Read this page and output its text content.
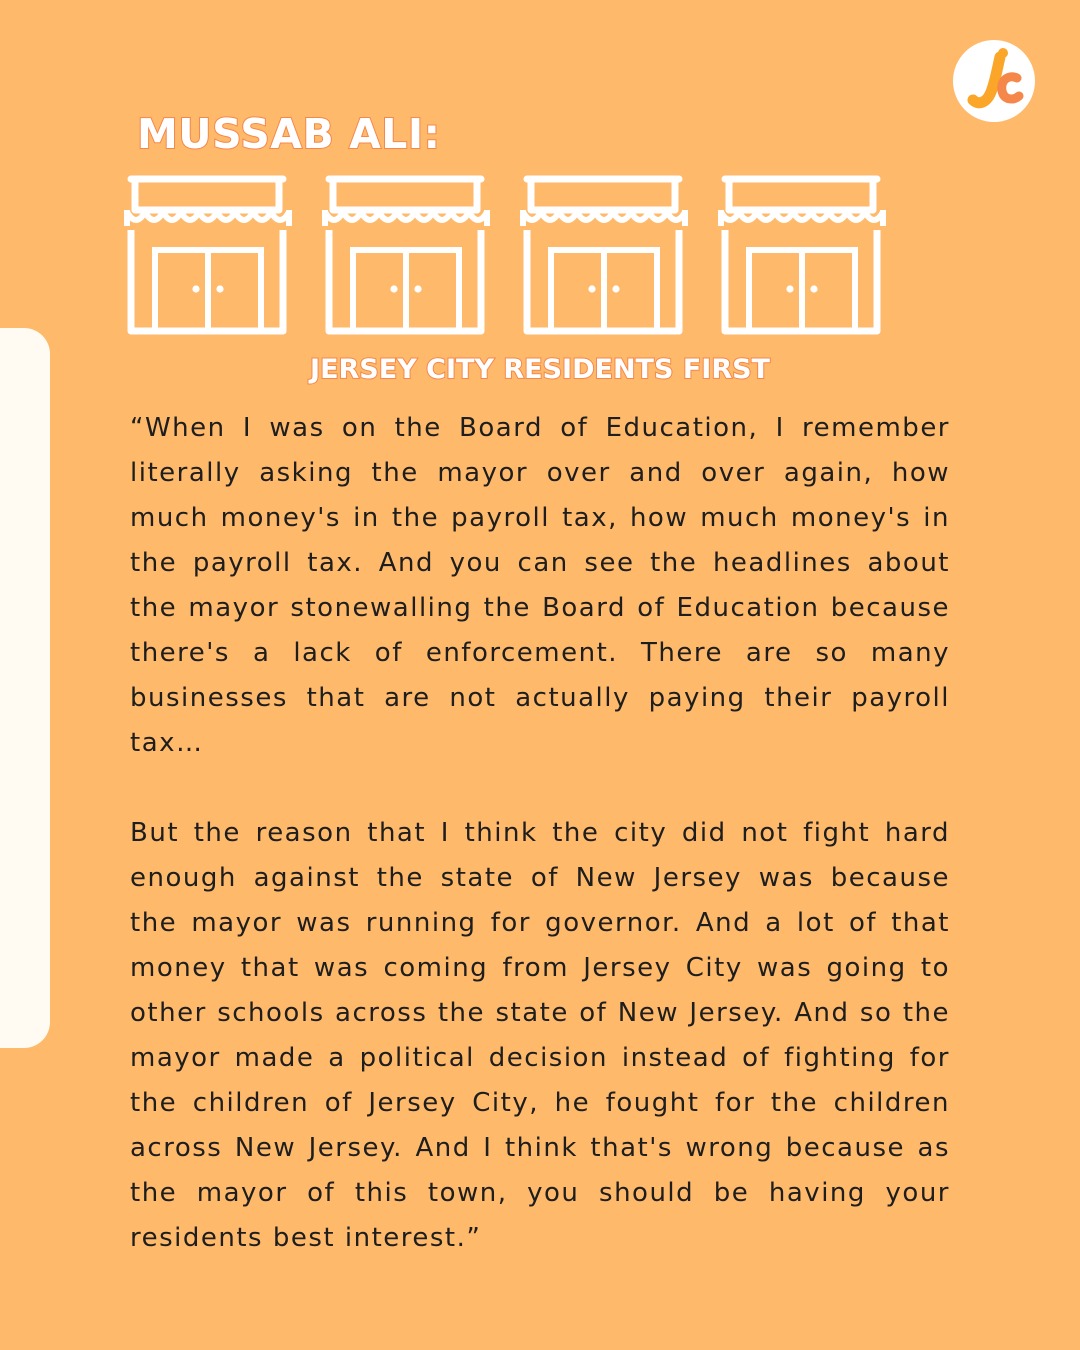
MUSSAB ALI:
JERSEY CITY RESIDENTS FIRST

“When I was on the Board of Education, I remember literally asking the mayor over and over again, how much money's in the payroll tax, how much money's in the payroll tax. And you can see the headlines about the mayor stonewalling the Board of Education because there's a lack of enforcement. There are so many businesses that are not actually paying their payroll tax…

But the reason that I think the city did not fight hard enough against the state of New Jersey was because the mayor was running for governor. And a lot of that money that was coming from Jersey City was going to other schools across the state of New Jersey. And so the mayor made a political decision instead of fighting for the children of Jersey City, he fought for the children across New Jersey. And I think that's wrong because as the mayor of this town, you should be having your residents best interest.”
